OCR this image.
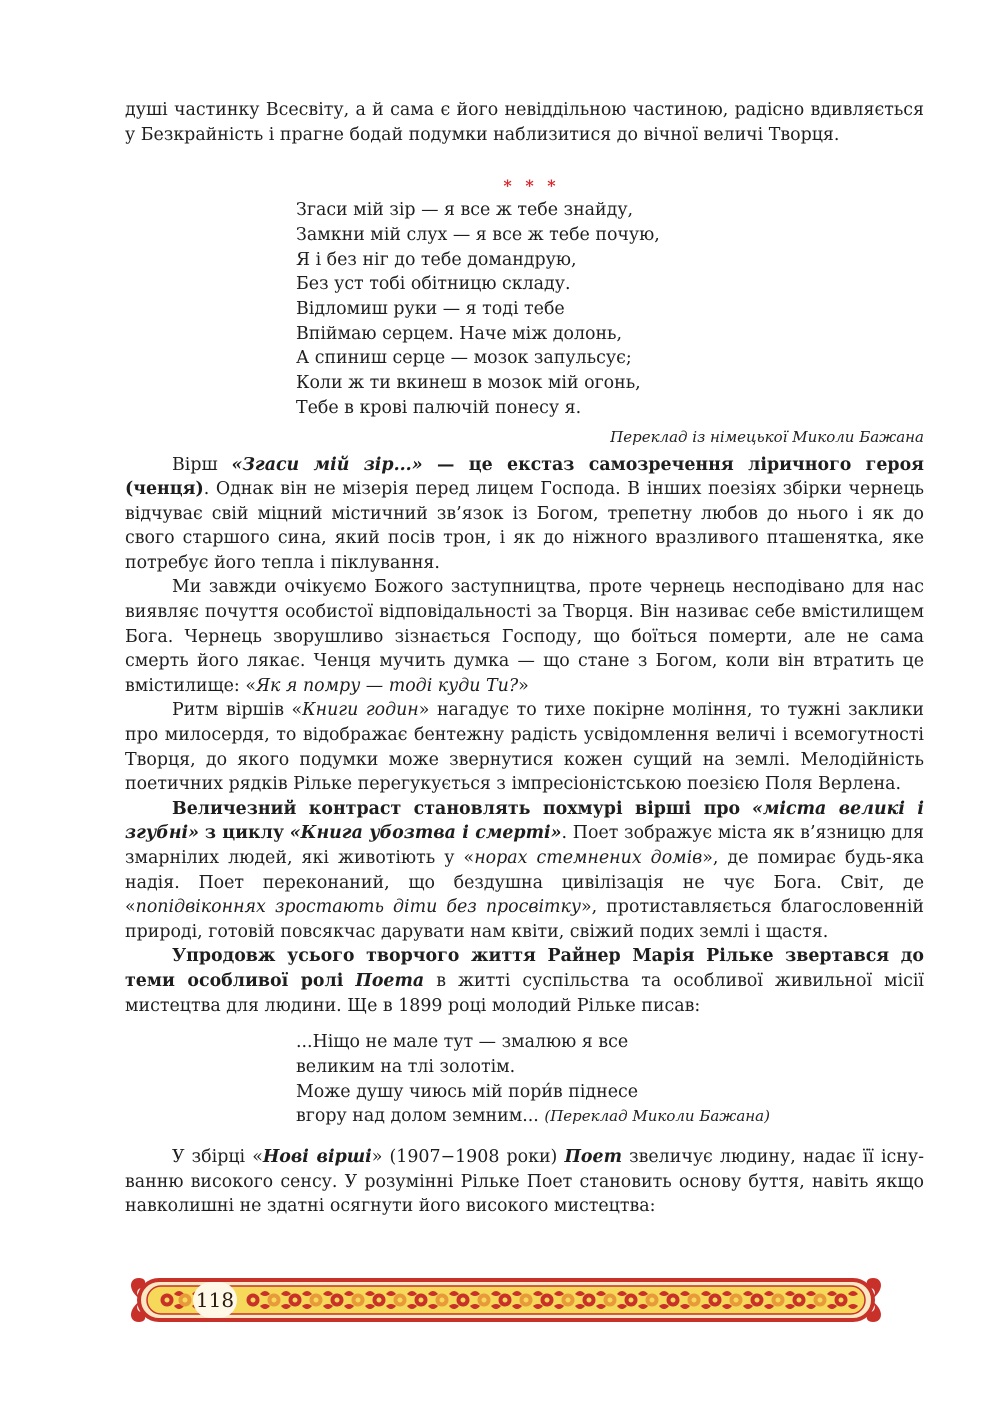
душі частинку Всесвіту, а й сама є його невіддільною частиною, радісно вдивляється у Безкрайність і прагне бодай подумки наблизитися до вічної величі Творця.

* * *
Згаси мій зір — я все ж тебе знайду,
Замкни мій слух — я все ж тебе почую,
Я і без ніг до тебе домандрую,
Без уст тобі обітницю складу.
Відломиш руки — я тоді тебе
Впіймаю серцем. Наче між долонь,
А спиниш серце — мозок запульсує;
Коли ж ти вкинеш в мозок мій огонь,
Тебе в крові палючій понесу я.
Переклад із німецької Миколи Бажана

Вірш «Згаси мій зір...» — це екстаз самозречення ліричного героя (ченця). Однак він не мізерія перед лицем Господа. В інших поезіях збірки чернець відчуває свій міцний містичний зв’язок із Богом, трепетну любов до нього і як до свого старшого сина, який посів трон, і як до ніжного вразливого пташенятка, яке потребує його тепла і піклування.

Ми завжди очікуємо Божого заступництва, проте чернець несподівано для нас виявляє почуття особистої відповідальності за Творця. Він називає себе вмістилищем Бога. Чернець зворушливо зізнається Господу, що боїться померти, але не сама смерть його лякає. Ченця мучить думка — що стане з Богом, коли він втратить це вмістилище: «Як я помру — тоді куди Ти?»

Ритм віршів «Книги годин» нагадує то тихе покірне моління, то тужні заклики про милосердя, то відображає бентежну радість усвідомлення величі і всемогутності Творця, до якого подумки може звернутися кожен сущий на землі. Мелодійність поетичних рядків Рільке перегукується з імпресіоністською поезією Поля Верлена.

Величезний контраст становлять похмурі вірші про «міста великі і згубні» з циклу «Книга убозтва і смерті». Поет зображує міста як в’язницю для змарнілих людей, які животіють у «норах стемнених домів», де помирає будь-яка надія. Поет переконаний, що бездушна цивілізація не чує Бога. Світ, де «попідвіконнях зростають діти без просвітку», протиставляється благословенній природі, готовій повсякчас дарувати нам квіти, свіжий подих землі і щастя.

Упродовж усього творчого життя Райнер Марія Рільке звертався до теми особливої ролі Поета в житті суспільства та особливої живильної місії мистецтва для людини. Ще в 1899 році молодий Рільке писав:

...Ніщо не мале тут — змалюю я все
великим на тлі золотім.
Може душу чиюсь мій пори́в піднесе
вгору над долом земним... (Переклад Миколи Бажана)

У збірці «Нові вірші» (1907−1908 роки) Поет звеличує людину, надає її існуванню високого сенсу. У розумінні Рільке Поет становить основу буття, навіть якщо навколишні не здатні осягнути його високого мистецтва:

118
